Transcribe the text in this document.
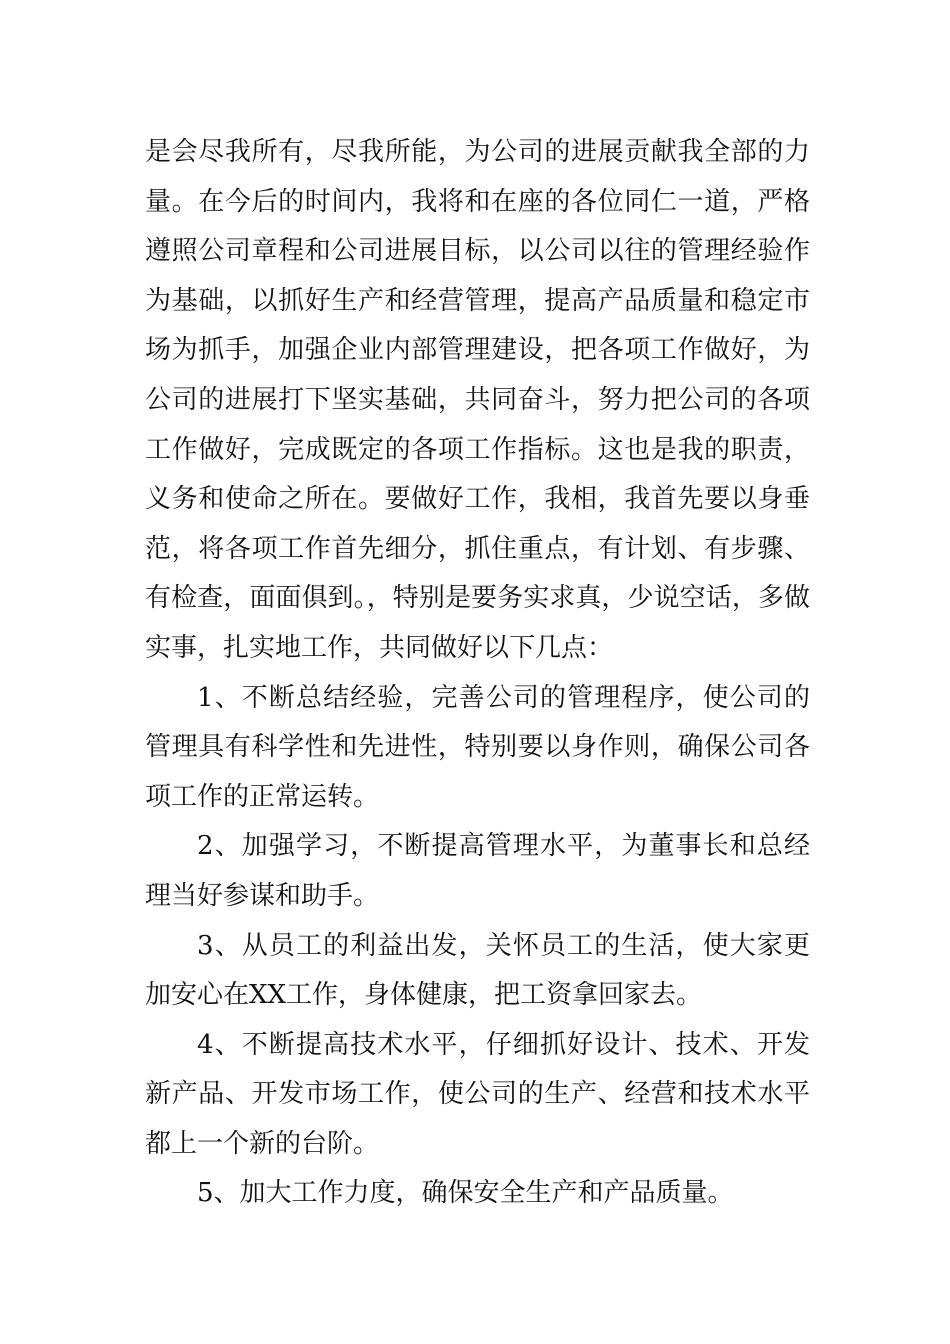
是会尽我所有，尽我所能，为公司的进展贡献我全部的力量。在今后的时间内，我将和在座的各位同仁一道，严格遵照公司章程和公司进展目标，以公司以往的管理经验作为基础，以抓好生产和经营管理，提高产品质量和稳定市场为抓手，加强企业内部管理建设，把各项工作做好，为公司的进展打下坚实基础，共同奋斗，努力把公司的各项工作做好，完成既定的各项工作指标。这也是我的职责，义务和使命之所在。要做好工作，我相，我首先要以身垂范，将各项工作首先细分，抓住重点，有计划、有步骤、有检查，面面俱到。，特别是要务实求真，少说空话，多做实事，扎实地工作，共同做好以下几点：

1、不断总结经验，完善公司的管理程序，使公司的管理具有科学性和先进性，特别要以身作则，确保公司各项工作的正常运转。

2、加强学习，不断提高管理水平，为董事长和总经理当好参谋和助手。

3、从员工的利益出发，关怀员工的生活，使大家更加安心在XX工作，身体健康，把工资拿回家去。

4、不断提高技术水平，仔细抓好设计、技术、开发新产品、开发市场工作，使公司的生产、经营和技术水平都上一个新的台阶。

5、加大工作力度，确保安全生产和产品质量。
